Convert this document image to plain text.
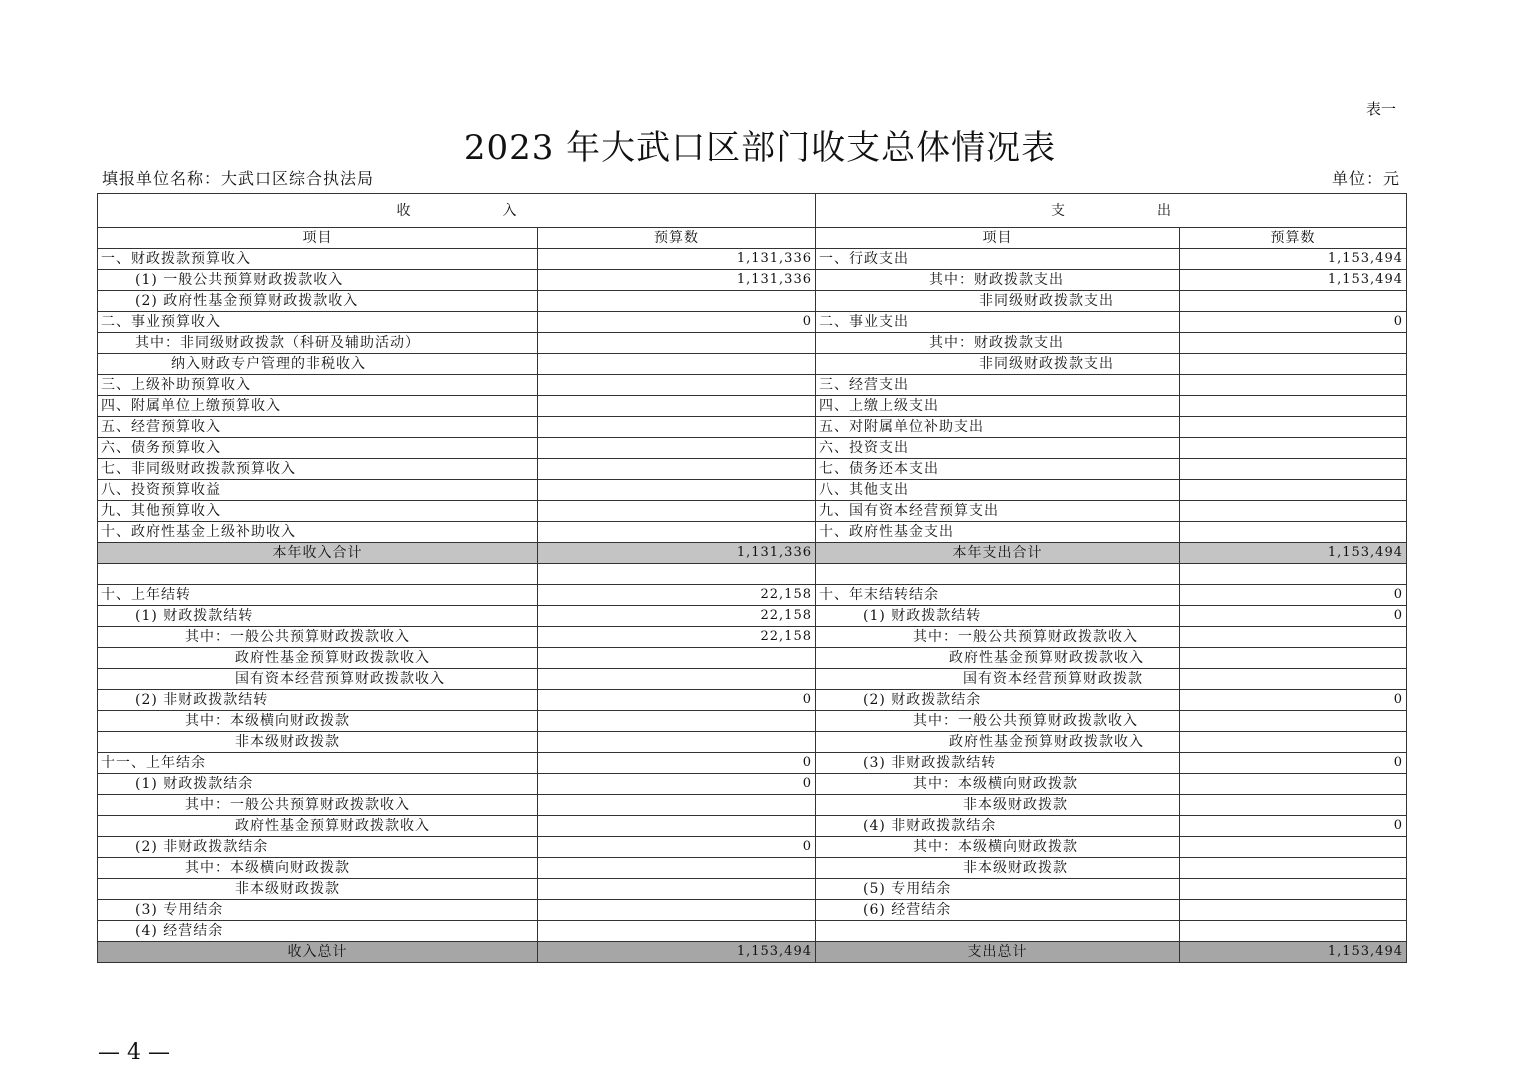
表一
2023 年大武口区部门收支总体情况表
填报单位名称：大武口区综合执法局	单位：元
收入		支出	
项目	预算数	项目	预算数
一、财政拨款预算收入	1,131,336	一、行政支出	1,153,494
(1) 一般公共预算财政拨款收入	1,131,336	其中：财政拨款支出	1,153,494
(2) 政府性基金预算财政拨款收入		非同级财政拨款支出	
二、事业预算收入	0	二、事业支出	0
其中：非同级财政拨款（科研及辅助活动）		其中：财政拨款支出	
纳入财政专户管理的非税收入		非同级财政拨款支出	
三、上级补助预算收入		三、经营支出	
四、附属单位上缴预算收入		四、上缴上级支出	
五、经营预算收入		五、对附属单位补助支出	
六、债务预算收入		六、投资支出	
七、非同级财政拨款预算收入		七、债务还本支出	
八、投资预算收益		八、其他支出	
九、其他预算收入		九、国有资本经营预算支出	
十、政府性基金上级补助收入		十、政府性基金支出	
本年收入合计	1,131,336	本年支出合计	1,153,494

十、上年结转	22,158	十、年末结转结余	0
(1) 财政拨款结转	22,158	(1) 财政拨款结转	0
其中：一般公共预算财政拨款收入	22,158	其中：一般公共预算财政拨款收入	
政府性基金预算财政拨款收入		政府性基金预算财政拨款收入	
国有资本经营预算财政拨款收入		国有资本经营预算财政拨款	
(2) 非财政拨款结转	0	(2) 财政拨款结余	0
其中：本级横向财政拨款		其中：一般公共预算财政拨款收入	
非本级财政拨款		政府性基金预算财政拨款收入	
十一、上年结余	0	(3) 非财政拨款结转	0
(1) 财政拨款结余	0	其中：本级横向财政拨款	
其中：一般公共预算财政拨款收入		非本级财政拨款	
政府性基金预算财政拨款收入		(4) 非财政拨款结余	0
(2) 非财政拨款结余	0	其中：本级横向财政拨款	
其中：本级横向财政拨款		非本级财政拨款	
非本级财政拨款		(5) 专用结余	
(3) 专用结余		(6) 经营结余	
(4) 经营结余			
收入总计	1,153,494	支出总计	1,153,494
— 4 —
